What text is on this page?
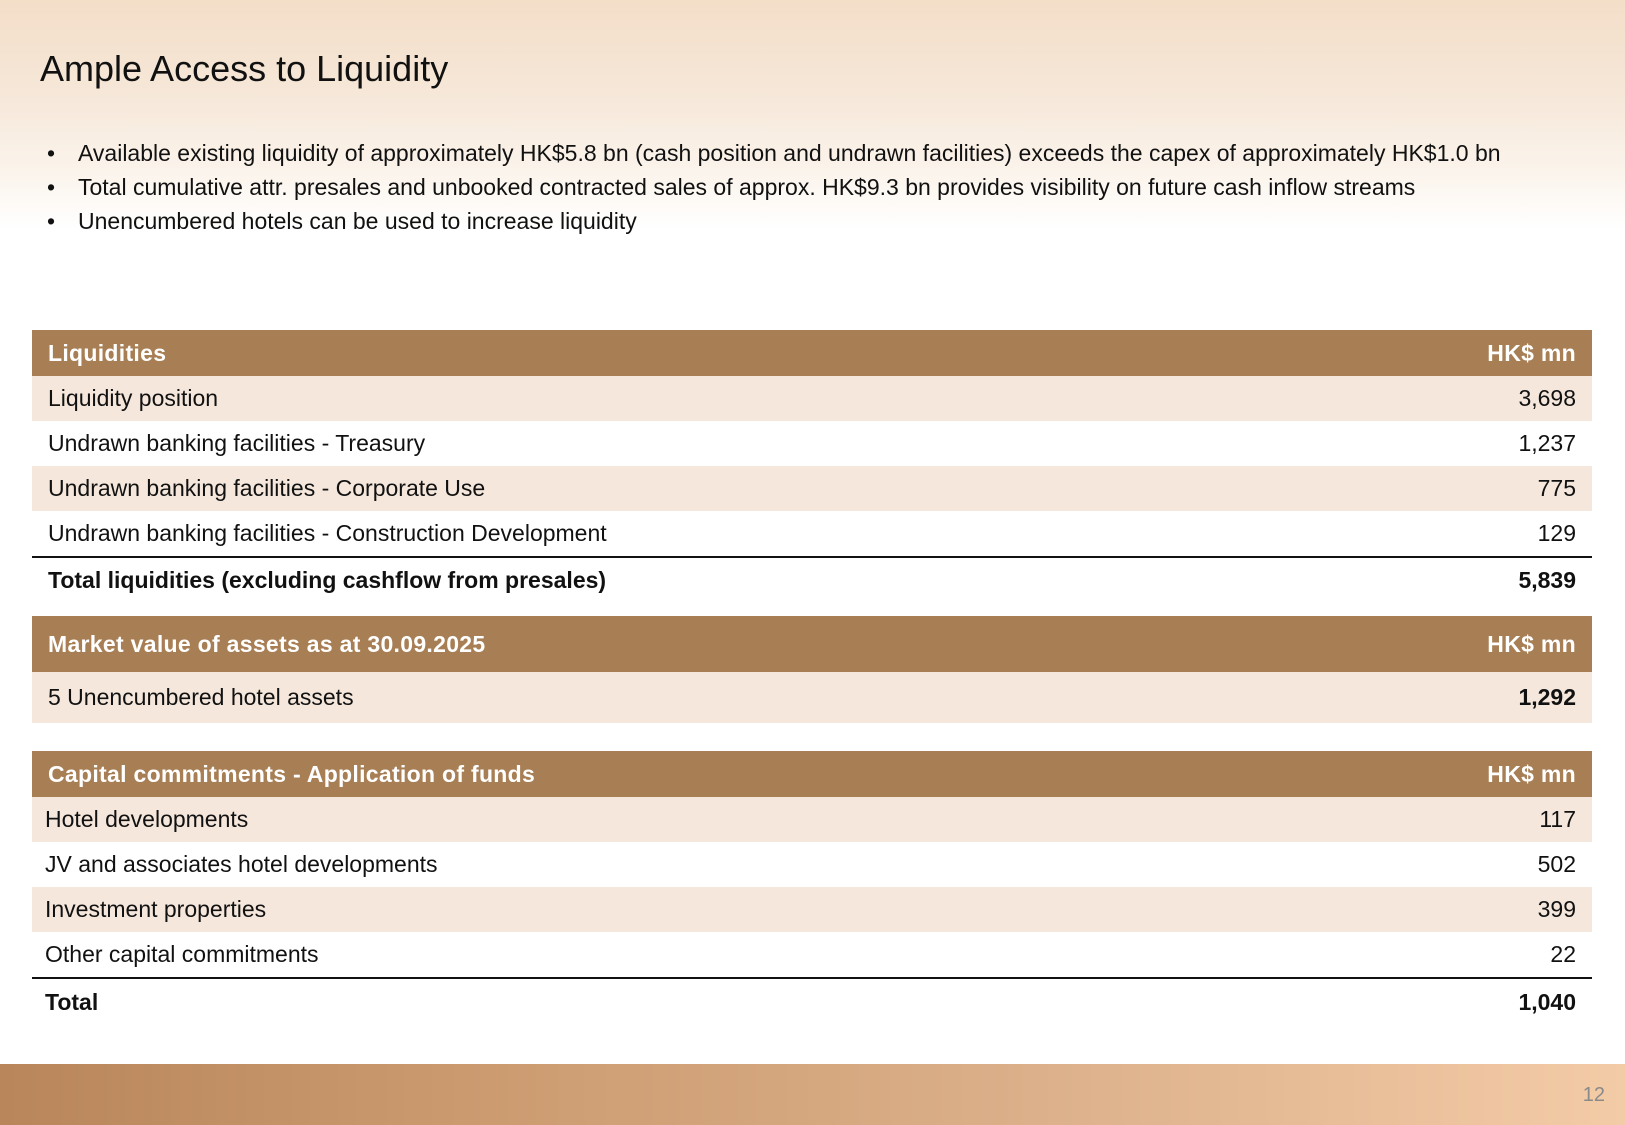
Ample Access to Liquidity
• Available existing liquidity of approximately HK$5.8 bn (cash position and undrawn facilities) exceeds the capex of approximately HK$1.0 bn
• Total cumulative attr. presales and unbooked contracted sales of approx. HK$9.3 bn provides visibility on future cash inflow streams
• Unencumbered hotels can be used to increase liquidity
Liquidities	HK$ mn
Liquidity position	3,698
Undrawn banking facilities - Treasury	1,237
Undrawn banking facilities - Corporate Use	775
Undrawn banking facilities - Construction Development	129
Total liquidities (excluding cashflow from presales)	5,839
Market value of assets as at 30.09.2025	HK$ mn
5 Unencumbered hotel assets	1,292
Capital commitments - Application of funds	HK$ mn
Hotel developments	117
JV and associates hotel developments	502
Investment properties	399
Other capital commitments	22
Total	1,040
12
